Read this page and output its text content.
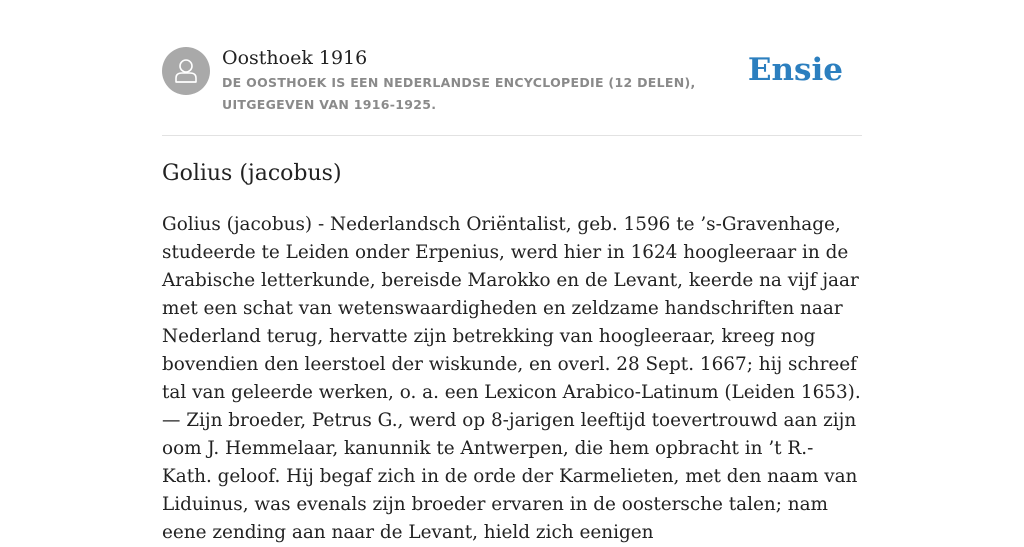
Oosthoek 1916
DE OOSTHOEK IS EEN NEDERLANDSE ENCYCLOPEDIE (12 DELEN), UITGEGEVEN VAN 1916-1925.
Ensie
Golius (jacobus)

Golius (jacobus) - Nederlandsch Oriëntalist, geb. 1596 te ’s-Gravenhage, studeerde te Leiden onder Erpenius, werd hier in 1624 hoogleeraar in de Arabische letterkunde, bereisde Marokko en de Levant, keerde na vijf jaar met een schat van wetenswaardigheden en zeldzame handschriften naar Nederland terug, hervatte zijn betrekking van hoogleeraar, kreeg nog bovendien den leerstoel der wiskunde, en overl. 28 Sept. 1667; hij schreef tal van geleerde werken, o. a. een Lexicon Arabico-Latinum (Leiden 1653). — Zijn broeder, Petrus G., werd op 8-jarigen leeftijd toevertrouwd aan zijn oom J. Hemmelaar, kanunnik te Antwerpen, die hem opbracht in ’t R.-Kath. geloof. Hij begaf zich in de orde der Karmelieten, met den naam van Liduinus, was evenals zijn broeder ervaren in de oostersche talen; nam eene zending aan naar de Levant, hield zich eenigen
